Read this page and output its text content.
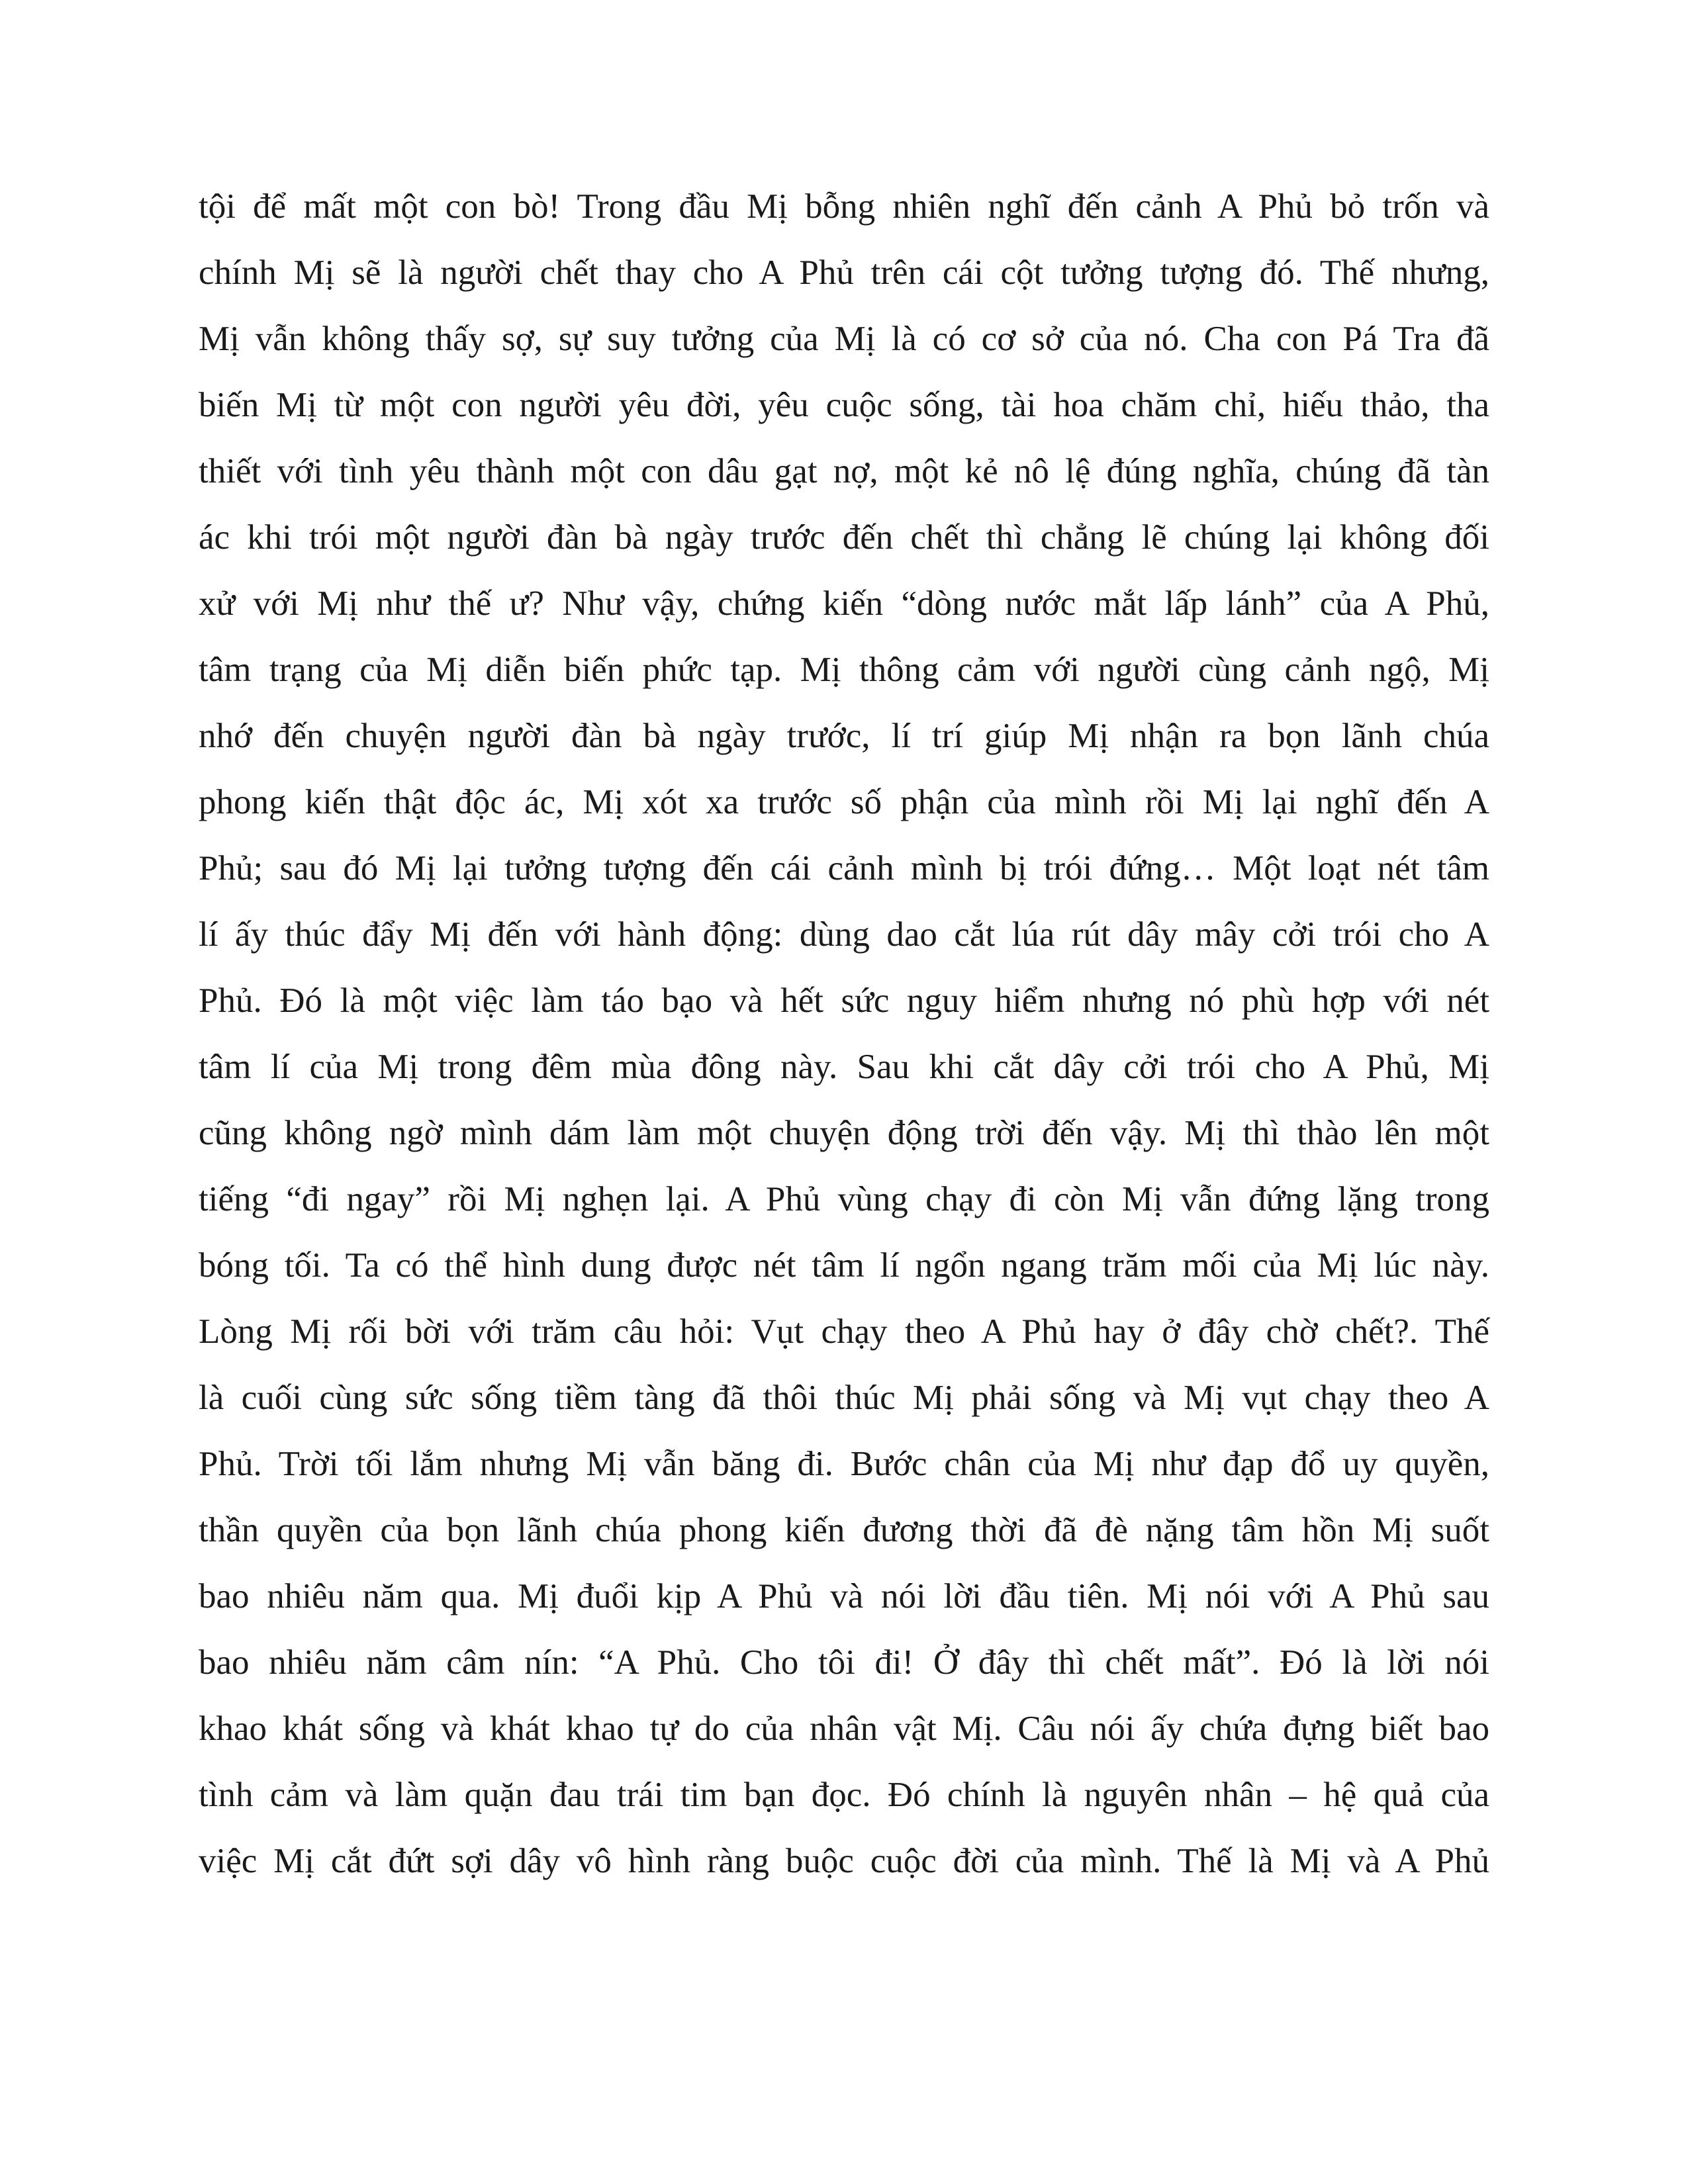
tội để mất một con bò! Trong đầu Mị bỗng nhiên nghĩ đến cảnh A Phủ bỏ trốn và
chính Mị sẽ là người chết thay cho A Phủ trên cái cột tưởng tượng đó. Thế nhưng,
Mị vẫn không thấy sợ, sự suy tưởng của Mị là có cơ sở của nó. Cha con Pá Tra đã
biến Mị từ một con người yêu đời, yêu cuộc sống, tài hoa chăm chỉ, hiếu thảo, tha
thiết với tình yêu thành một con dâu gạt nợ, một kẻ nô lệ đúng nghĩa, chúng đã tàn
ác khi trói một người đàn bà ngày trước đến chết thì chẳng lẽ chúng lại không đối
xử với Mị như thế ư? Như vậy, chứng kiến “dòng nước mắt lấp lánh” của A Phủ,
tâm trạng của Mị diễn biến phức tạp. Mị thông cảm với người cùng cảnh ngộ, Mị
nhớ đến chuyện người đàn bà ngày trước, lí trí giúp Mị nhận ra bọn lãnh chúa
phong kiến thật độc ác, Mị xót xa trước số phận của mình rồi Mị lại nghĩ đến A
Phủ; sau đó Mị lại tưởng tượng đến cái cảnh mình bị trói đứng… Một loạt nét tâm
lí ấy thúc đẩy Mị đến với hành động: dùng dao cắt lúa rút dây mây cởi trói cho A
Phủ. Đó là một việc làm táo bạo và hết sức nguy hiểm nhưng nó phù hợp với nét
tâm lí của Mị trong đêm mùa đông này. Sau khi cắt dây cởi trói cho A Phủ, Mị
cũng không ngờ mình dám làm một chuyện động trời đến vậy. Mị thì thào lên một
tiếng “đi ngay” rồi Mị nghẹn lại. A Phủ vùng chạy đi còn Mị vẫn đứng lặng trong
bóng tối. Ta có thể hình dung được nét tâm lí ngổn ngang trăm mối của Mị lúc này.
Lòng Mị rối bời với trăm câu hỏi: Vụt chạy theo A Phủ hay ở đây chờ chết?. Thế
là cuối cùng sức sống tiềm tàng đã thôi thúc Mị phải sống và Mị vụt chạy theo A
Phủ. Trời tối lắm nhưng Mị vẫn băng đi. Bước chân của Mị như đạp đổ uy quyền,
thần quyền của bọn lãnh chúa phong kiến đương thời đã đè nặng tâm hồn Mị suốt
bao nhiêu năm qua. Mị đuổi kịp A Phủ và nói lời đầu tiên. Mị nói với A Phủ sau
bao nhiêu năm câm nín: “A Phủ. Cho tôi đi! Ở đây thì chết mất”. Đó là lời nói
khao khát sống và khát khao tự do của nhân vật Mị. Câu nói ấy chứa đựng biết bao
tình cảm và làm quặn đau trái tim bạn đọc. Đó chính là nguyên nhân – hệ quả của
việc Mị cắt đứt sợi dây vô hình ràng buộc cuộc đời của mình. Thế là Mị và A Phủ
